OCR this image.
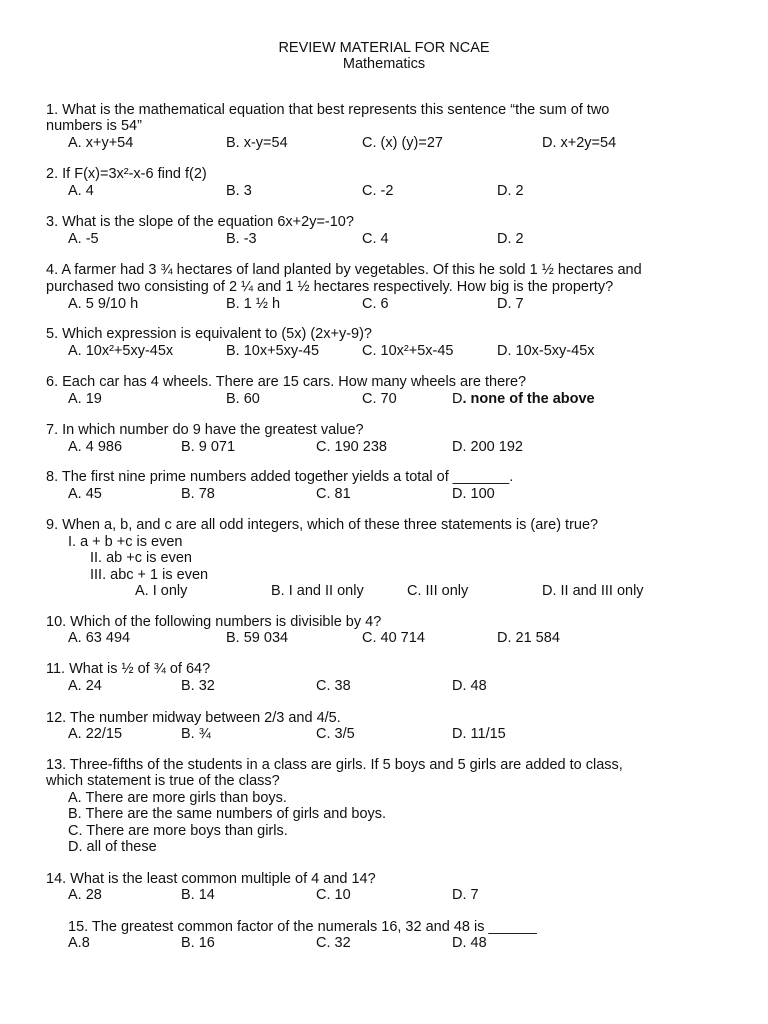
REVIEW MATERIAL FOR NCAE
Mathematics
1. What is the mathematical equation that best represents this sentence “the sum of two
numbers is 54”
A. x+y+54	B. x-y=54	C. (x) (y)=27	D. x+2y=54
2. If F(x)=3x²-x-6 find f(2)
A. 4	B. 3	C. -2	D. 2
3. What is the slope of the equation 6x+2y=-10?
A. -5	B. -3	C. 4	D. 2
4. A farmer had 3 ¾ hectares of land planted by vegetables. Of this he sold 1 ½ hectares and
purchased two consisting of 2 ¼ and 1 ½ hectares respectively. How big is the property?
A. 5 9/10 h	B. 1 ½ h	C. 6	D. 7
5. Which expression is equivalent to (5x) (2x+y-9)?
A. 10x²+5xy-45x	B. 10x+5xy-45	C. 10x²+5x-45	D. 10x-5xy-45x
6. Each car has 4 wheels. There are 15 cars. How many wheels are there?
A. 19	B. 60	C. 70	D. none of the above
7. In which number do 9 have the greatest value?
A. 4 986	B. 9 071	C. 190 238	D. 200 192
8. The first nine prime numbers added together yields a total of _______.
A. 45	B. 78	C. 81	D. 100
9. When a, b, and c are all odd integers, which of these three statements is (are) true?
I. a + b +c is even
II. ab +c is even
III. abc + 1 is even
A. I only	B. I and II only	C. III only	D. II and III only
10. Which of the following numbers is divisible by 4?
A. 63 494	B. 59 034	C. 40 714	D. 21 584
11. What is ½ of ¾ of 64?
A. 24	B. 32	C. 38	D. 48
12. The number midway between 2/3 and 4/5.
A. 22/15	B. ¾	C. 3/5	D. 11/15
13. Three-fifths of the students in a class are girls. If 5 boys and 5 girls are added to class,
which statement is true of the class?
A. There are more girls than boys.
B. There are the same numbers of girls and boys.
C. There are more boys than girls.
D. all of these
14. What is the least common multiple of 4 and 14?
A. 28	B. 14	C. 10	D. 7
15. The greatest common factor of the numerals 16, 32 and 48 is ______
A.8	B. 16	C. 32	D. 48
